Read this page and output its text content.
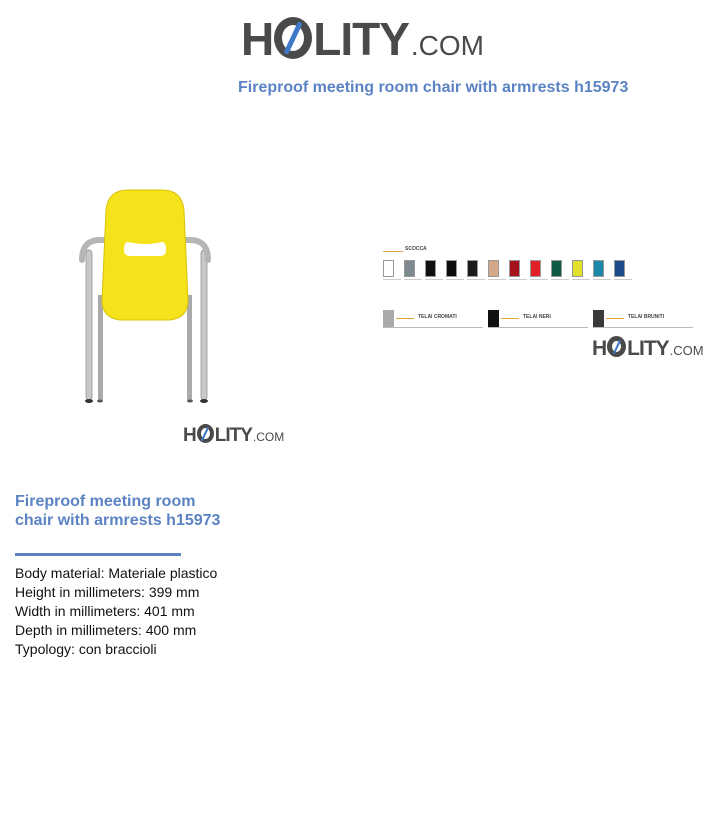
H LITY .COM
Fireproof meeting room chair with armrests h15973
H LITY .COM
SCOCCA
TELAI CROMATI	TELAI NERI	TELAI BRUNITI
H LITY .COM
Fireproof meeting room chair with armrests h15973
Body material: Materiale plastico
Height in millimeters: 399 mm
Width in millimeters: 401 mm
Depth in millimeters: 400 mm
Typology: con braccioli
